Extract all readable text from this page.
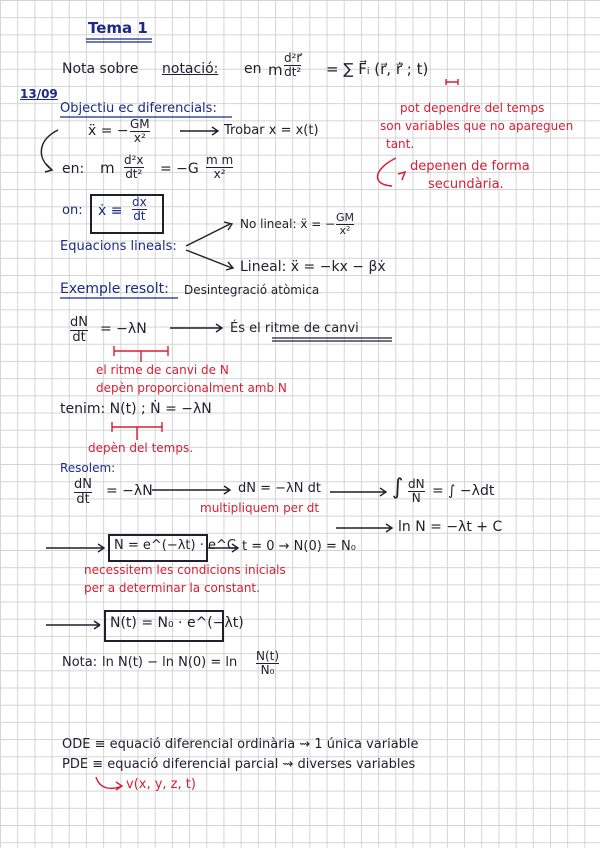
Tema 1
13/09
Nota sobre notació: en m
d²r⃗
dt² = ∑ F⃗ᵢ (r⃗, r⃗̇ ; t)
pot dependre del temps
son variables que no apareguen
tant.
depenen de forma
secundària.
Objectiu ec diferencials:
ẍ = − GM
x²	Trobar x = x(t)
en: m d²x
dt² = −G
m m
x²
on: ẋ ≡
dx
dt
Equacions lineals:
No lineal: ẍ = − GM
x²
Lineal: ẍ = −kx − βẋ
Exemple resolt: Desintegració atòmica
dN
dt
= −λN	És el ritme de canvi
el ritme de canvi de N
depèn proporcionalment amb N
tenim: N(t) ; Ṅ = −λN
depèn del temps.
Resolem:
dN
dt
= −λN	dN = −λN dt	∫ dN
N = ∫ −λdt
multipliquem per dt
ln N = −λt + C
N = e^(−λt) · e^C t = 0 → N(0) = N₀
necessitem les condicions inicials
per a determinar la constant.
N(t) = N₀ · e^(−λt)
Nota: ln N(t) − ln N(0) = ln N(t)
N₀
ODE ≡ equació diferencial ordinària ⇝ 1 única variable
PDE ≡ equació diferencial parcial ⇝ diverses variables
v(x, y, z, t)
